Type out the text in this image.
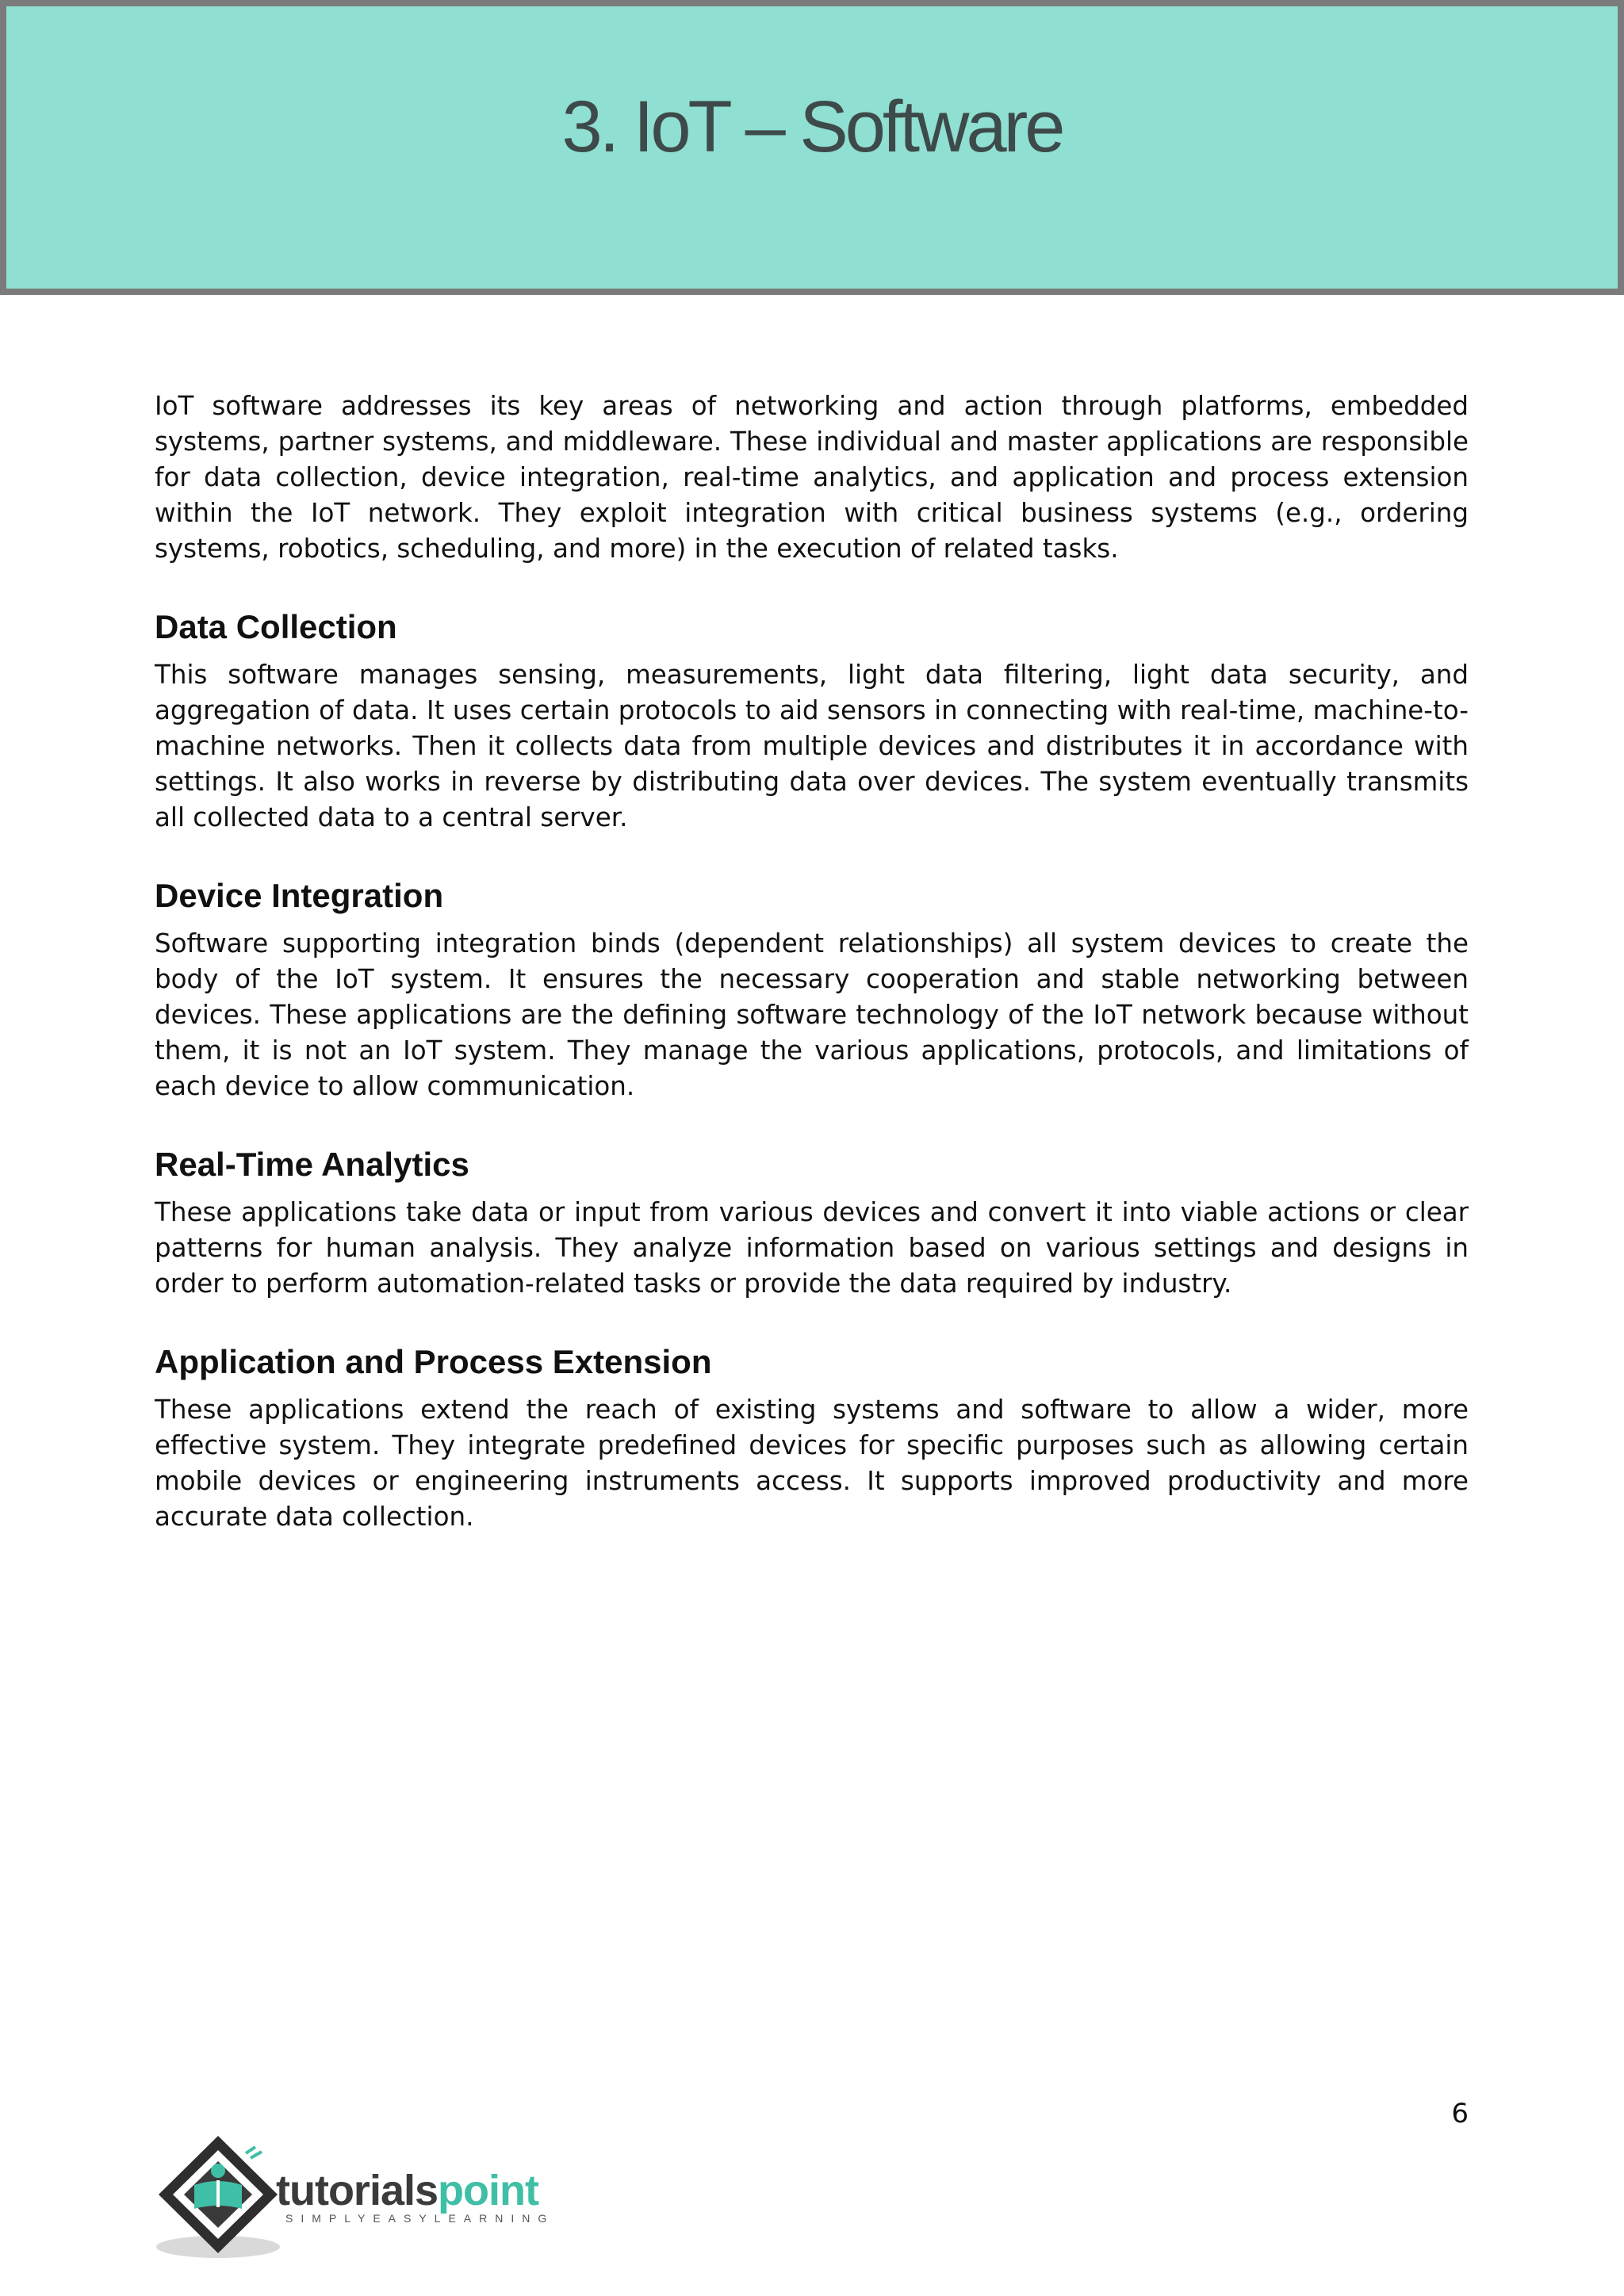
3. IoT – Software

IoT software addresses its key areas of networking and action through platforms, embedded systems, partner systems, and middleware. These individual and master applications are responsible for data collection, device integration, real-time analytics, and application and process extension within the IoT network. They exploit integration with critical business systems (e.g., ordering systems, robotics, scheduling, and more) in the execution of related tasks.

Data Collection

This software manages sensing, measurements, light data filtering, light data security, and aggregation of data. It uses certain protocols to aid sensors in connecting with real-time, machine-to-machine networks. Then it collects data from multiple devices and distributes it in accordance with settings. It also works in reverse by distributing data over devices. The system eventually transmits all collected data to a central server.

Device Integration

Software supporting integration binds (dependent relationships) all system devices to create the body of the IoT system. It ensures the necessary cooperation and stable networking between devices. These applications are the defining software technology of the IoT network because without them, it is not an IoT system. They manage the various applications, protocols, and limitations of each device to allow communication.

Real-Time Analytics

These applications take data or input from various devices and convert it into viable actions or clear patterns for human analysis. They analyze information based on various settings and designs in order to perform automation-related tasks or provide the data required by industry.

Application and Process Extension

These applications extend the reach of existing systems and software to allow a wider, more effective system. They integrate predefined devices for specific purposes such as allowing certain mobile devices or engineering instruments access. It supports improved productivity and more accurate data collection.

6
tutorialspoint
SIMPLYEASYLEARNING
